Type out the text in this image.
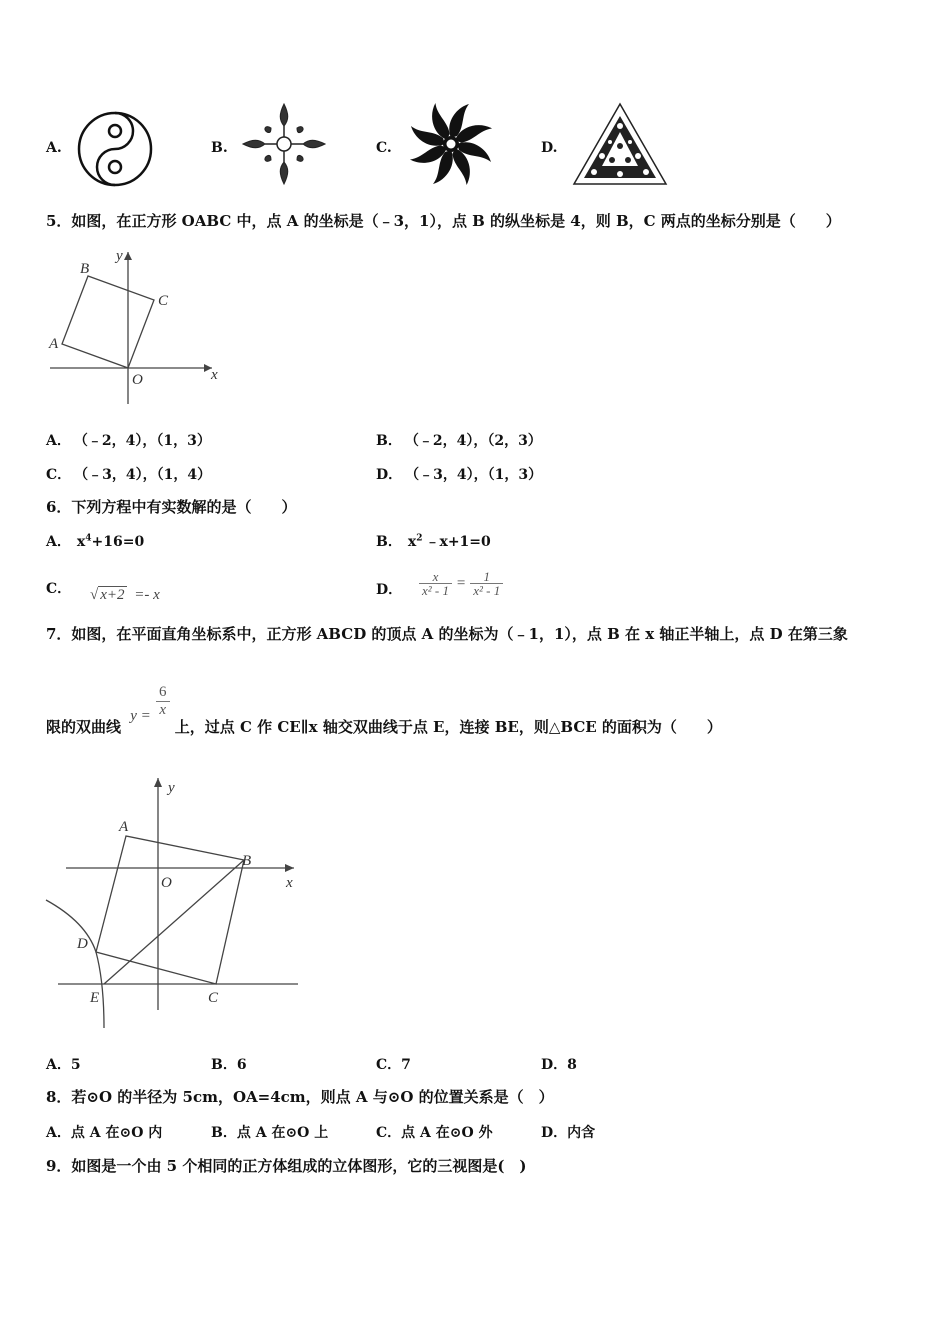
A.	B.	C.	D.
5．如图，在正方形 OABC 中，点 A 的坐标是（﹣3，1），点 B 的纵坐标是 4，则 B，C 两点的坐标分别是（　　）
B
y
C
A
O	x
A． （﹣2，4），（1，3）	B． （﹣2，4），（2，3）
C． （﹣3，4），（1，4）	D． （﹣3，4），（1，3）
6．下列方程中有实数解的是（　　）
A． $x^4+16=0$	B． $x^2$ ﹣x+1=0
C． √ x+2 =- x	D． $\frac{x}{\text{x² - 1}} = \frac{1}{\text{x² - 1}}$
7．如图，在平面直角坐标系中，正方形 ABCD 的顶点 A 的坐标为（﹣1，1），点 B 在 x 轴正半轴上，点 D 在第三象
限的双曲线 $y = \frac{6}{x}$
上，过点 C 作 CE∥x 轴交双曲线于点 E，连接 BE，则△BCE 的面积为（　　）
y
A
B
O	x
D
E	C
A．5	B．6	C．7	D．8
8．若⊙O 的半径为 5cm，OA=4cm，则点 A 与⊙O 的位置关系是（　）
A．点 A 在⊙O 内	B．点 A 在⊙O 上	C．点 A 在⊙O 外	D．内含
9．如图是一个由 5 个相同的正方体组成的立体图形，它的三视图是(　)
